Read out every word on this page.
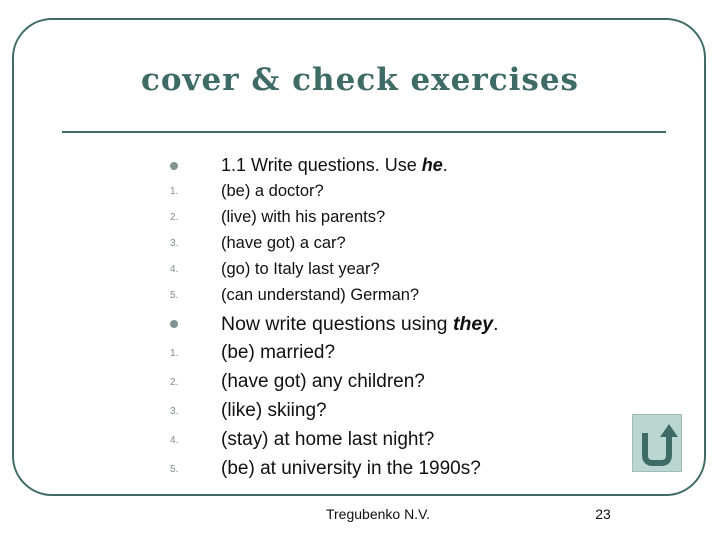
cover & check exercises
1.1 Write questions. Use he.
1.	(be) a doctor?
2.	(live) with his parents?
3.	(have got) a car?
4.	(go) to Italy last year?
5.	(can understand) German?
Now write questions using they.
1.	(be) married?
2.	(have got) any children?
3.	(like) skiing?
4.	(stay) at home last night?
5.	(be) at university in the 1990s?
Tregubenko N.V.	23
